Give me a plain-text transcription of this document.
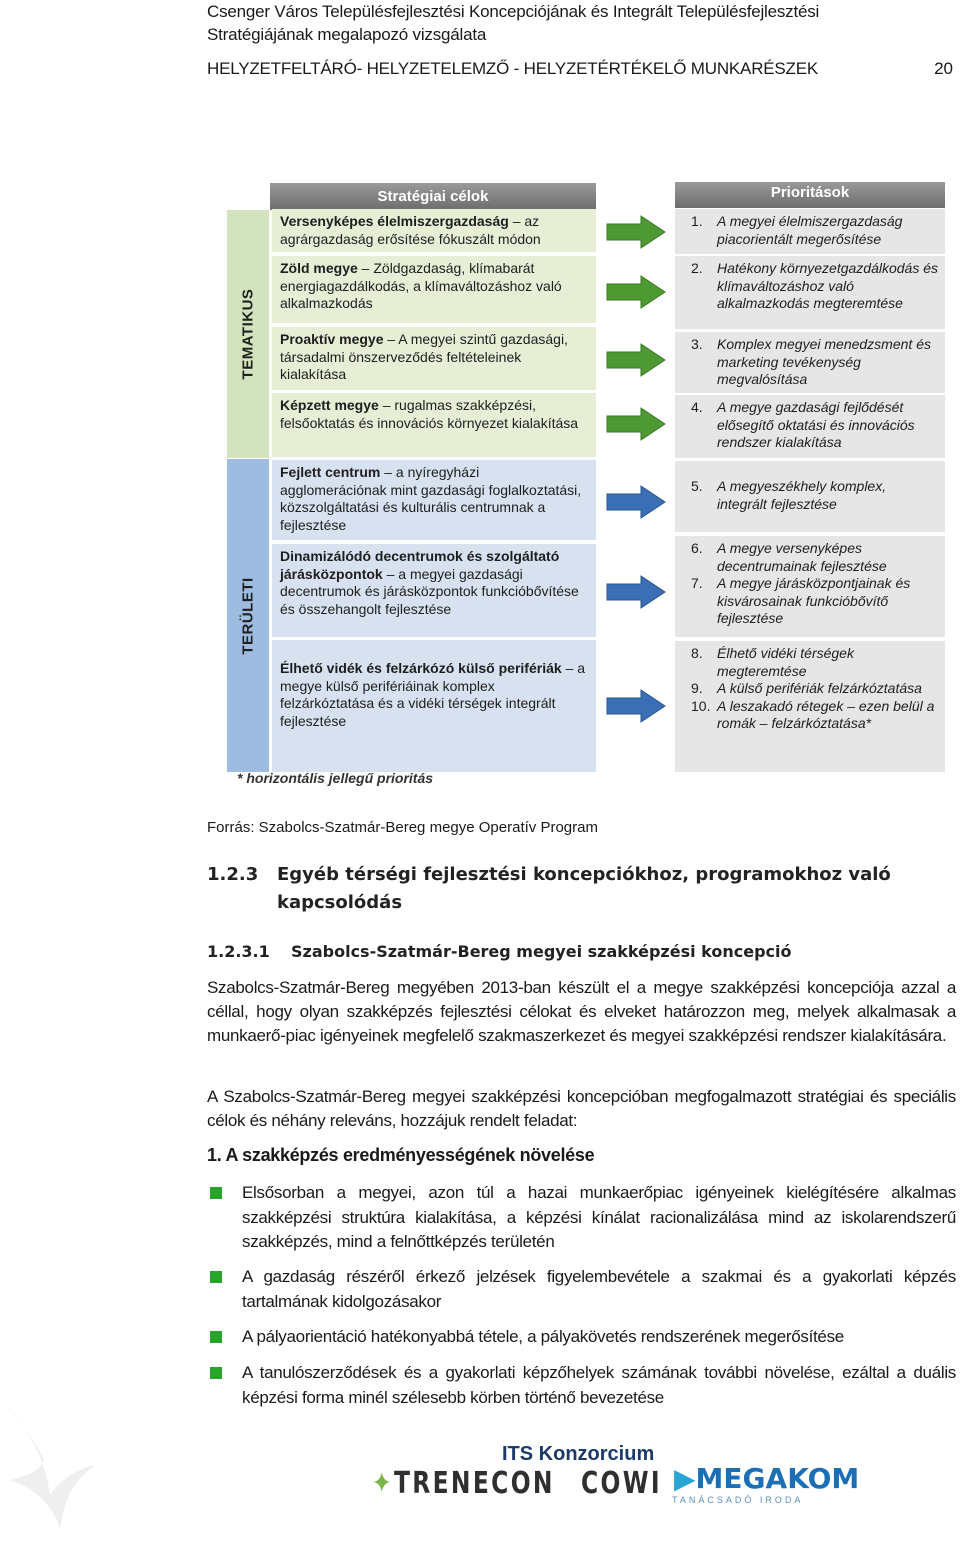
Csenger Város Településfejlesztési Koncepciójának és Integrált Településfejlesztési
Stratégiájának megalapozó vizsgálata
HELYZETFELTÁRÓ- HELYZETELEMZŐ - HELYZETÉRTÉKELŐ MUNKARÉSZEK	20
TEMATIKUS
TERÜLETI
Stratégiai célok	Prioritások
Versenyképes élelmiszergazdaság – az agrárgazdaság erősítése fókuszált módon
Zöld megye – Zöldgazdaság, klímabarát energiagazdálkodás, a klímaváltozáshoz való alkalmazkodás
Proaktív megye – A megyei szintű gazdasági, társadalmi önszerveződés feltételeinek kialakítása
Képzett megye – rugalmas szakképzési, felsőoktatás és innovációs környezet kialakítása
Fejlett centrum – a nyíregyházi agglomerációnak mint gazdasági foglalkoztatási, közszolgáltatási és kulturális centrumnak a fejlesztése
Dinamizálódó decentrumok és szolgáltató járásközpontok – a megyei gazdasági decentrumok és járásközpontok funkcióbővítése és összehangolt fejlesztése
Élhető vidék és felzárkózó külső perifériák – a megye külső perifériáinak komplex felzárkóztatása és a vidéki térségek integrált fejlesztése
1. A megyei élelmiszergazdaság piacorientált megerősítése
2. Hatékony környezetgazdálkodás és klímaváltozáshoz való alkalmazkodás megteremtése
3. Komplex megyei menedzsment és marketing tevékenység megvalósítása
4. A megye gazdasági fejlődését elősegítő oktatási és innovációs rendszer kialakítása
5. A megyeszékhely komplex, integrált fejlesztése
6. A megye versenyképes decentrumainak fejlesztése
7. A megye járásközpontjainak és kisvárosainak funkcióbővítő fejlesztése
8. Élhető vidéki térségek megteremtése
9. A külső perifériák felzárkóztatása
10. A leszakadó rétegek – ezen belül a romák – felzárkóztatása*
* horizontális jellegű prioritás
Forrás: Szabolcs-Szatmár-Bereg megye Operatív Program
1.2.3 Egyéb térségi fejlesztési koncepciókhoz, programokhoz való
kapcsolódás
1.2.3.1 Szabolcs-Szatmár-Bereg megyei szakképzési koncepció
Szabolcs-Szatmár-Bereg megyében 2013-ban készült el a megye szakképzési koncepciója azzal a céllal, hogy olyan szakképzés fejlesztési célokat és elveket határozzon meg, melyek alkalmasak a munkaerő-piac igényeinek megfelelő szakmaszerkezet és megyei szakképzési rendszer kialakítására.
A Szabolcs-Szatmár-Bereg megyei szakképzési koncepcióban megfogalmazott stratégiai és speciális célok és néhány releváns, hozzájuk rendelt feladat:
1. A szakképzés eredményességének növelése
Elsősorban a megyei, azon túl a hazai munkaerőpiac igényeinek kielégítésére alkalmas szakképzési struktúra kialakítása, a képzési kínálat racionalizálása mind az iskolarendszerű szakképzés, mind a felnőttképzés területén
A gazdaság részéről érkező jelzések figyelembevétele a szakmai és a gyakorlati képzés tartalmának kidolgozásakor
A pályaorientáció hatékonyabbá tétele, a pályakövetés rendszerének megerősítése
A tanulószerződések és a gyakorlati képzőhelyek számának további növelése, ezáltal a duális képzési forma minél szélesebb körben történő bevezetése
ITS Konzorcium
✦TRENECON COWI ▶MEGAKOM
TANÁCSADÓ IRODA
